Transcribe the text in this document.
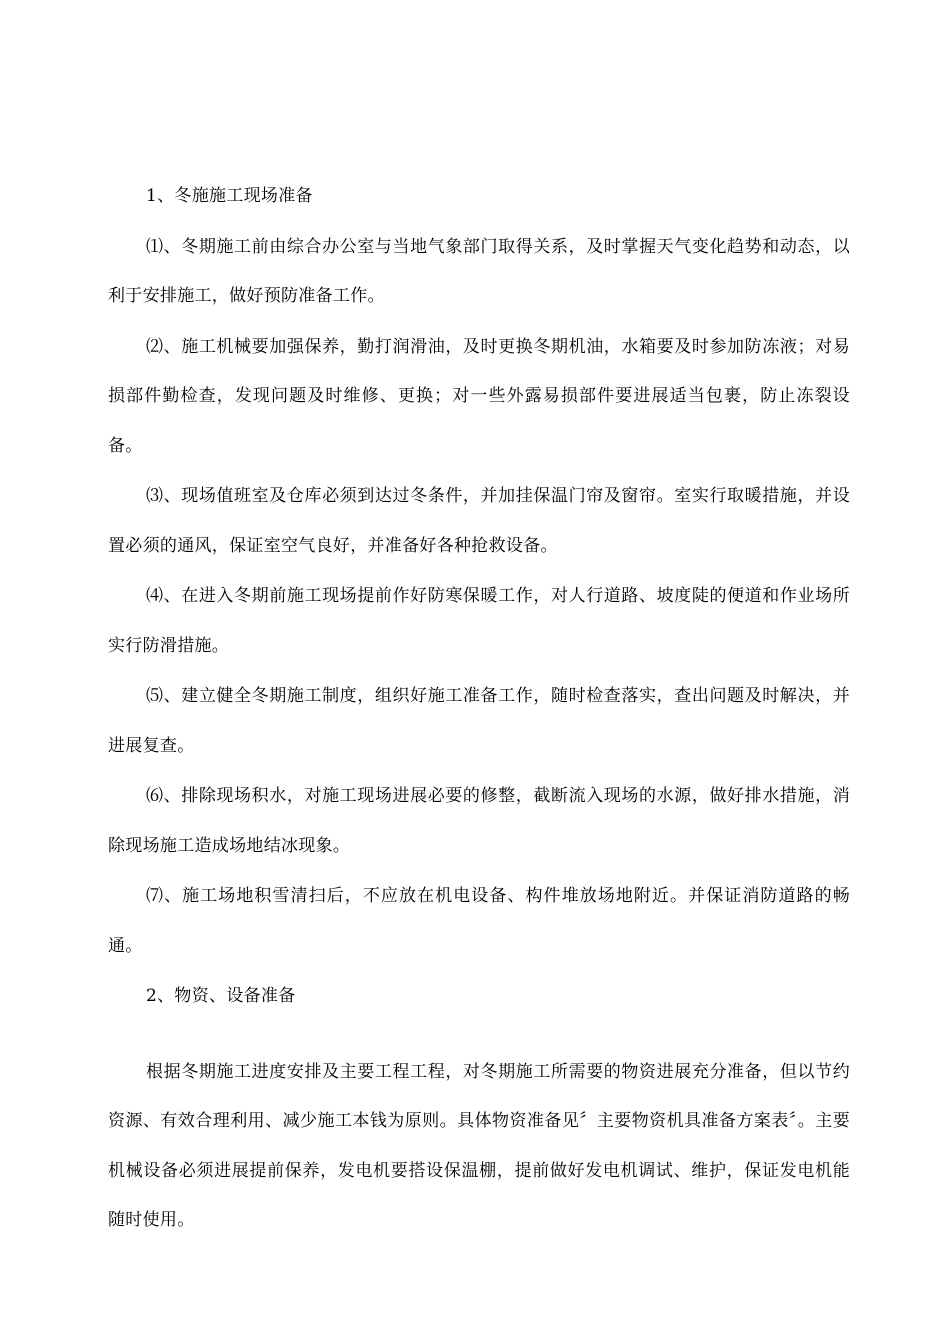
1、冬施施工现场准备

⑴、冬期施工前由综合办公室与当地气象部门取得关系，及时掌握天气变化趋势和动态，以利于安排施工，做好预防准备工作。

⑵、施工机械要加强保养，勤打润滑油，及时更换冬期机油，水箱要及时参加防冻液；对易损部件勤检查，发现问题及时维修、更换；对一些外露易损部件要进展适当包裹，防止冻裂设备。

⑶、现场值班室及仓库必须到达过冬条件，并加挂保温门帘及窗帘。室实行取暖措施，并设置必须的通风，保证室空气良好，并准备好各种抢救设备。

⑷、在进入冬期前施工现场提前作好防寒保暖工作，对人行道路、坡度陡的便道和作业场所实行防滑措施。

⑸、建立健全冬期施工制度，组织好施工准备工作，随时检查落实，查出问题及时解决，并进展复查。

⑹、排除现场积水，对施工现场进展必要的修整，截断流入现场的水源，做好排水措施，消除现场施工造成场地结冰现象。

⑺、施工场地积雪清扫后，不应放在机电设备、构件堆放场地附近。并保证消防道路的畅通。

2、物资、设备准备

根据冬期施工进度安排及主要工程工程，对冬期施工所需要的物资进展充分准备，但以节约资源、有效合理利用、减少施工本钱为原则。具体物资准备见〞主要物资机具准备方案表〞。主要机械设备必须进展提前保养，发电机要搭设保温棚，提前做好发电机调试、维护，保证发电机能随时使用。
